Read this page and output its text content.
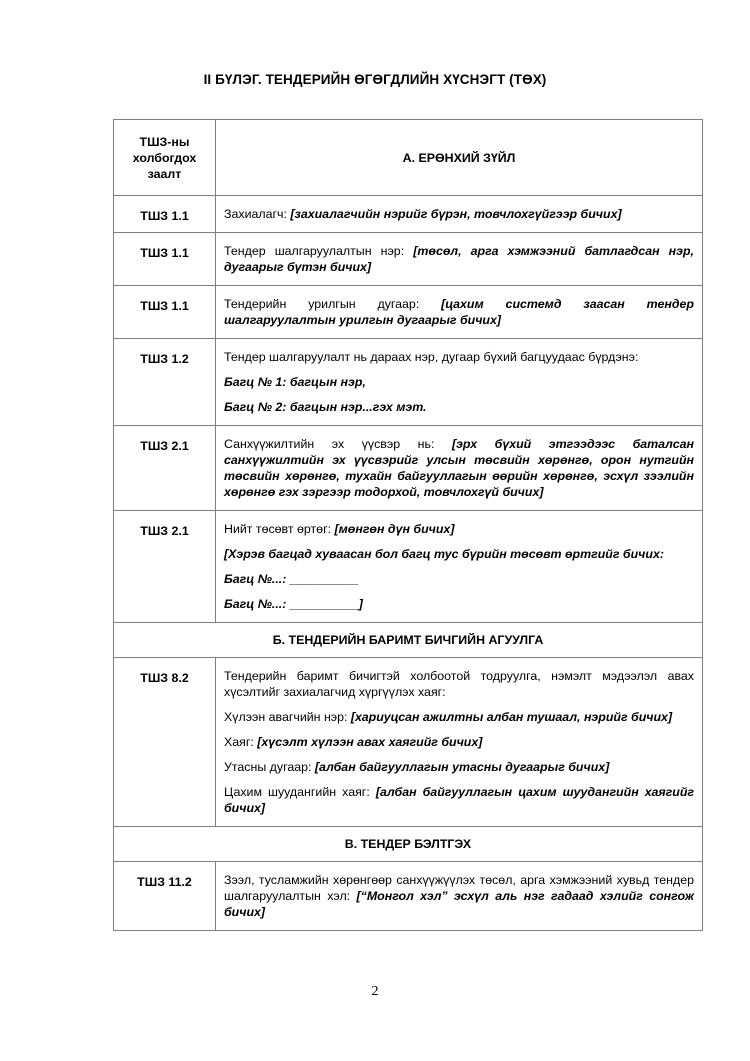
II БҮЛЭГ. ТЕНДЕРИЙН ӨГӨГДЛИЙН ХҮСНЭГТ (ТӨХ)
ТШЗ-ны холбогдох заалт	А. ЕРӨНХИЙ ЗҮЙЛ
ТШЗ 1.1	Захиалагч: [захиалагчийн нэрийг бүрэн, товчлохгүйгээр бичих]
ТШЗ 1.1	Тендер шалгаруулалтын нэр: [төсөл, арга хэмжээний батлагдсан нэр, дугаарыг бүтэн бичих]
ТШЗ 1.1	Тендерийн урилгын дугаар: [цахим системд заасан тендер шалгаруулалтын урилгын дугаарыг бичих]
ТШЗ 1.2	Тендер шалгаруулалт нь дараах нэр, дугаар бүхий багцуудаас бүрдэнэ:

Багц № 1: багцын нэр,

Багц № 2: багцын нэр...гэх мэт.

ТШЗ 2.1	Санхүүжилтийн эх үүсвэр нь: [эрх бүхий этгээдээс баталсан санхүүжилтийн эх үүсвэрийг улсын төсвийн хөрөнгө, орон нутгийн төсвийн хөрөнгө, тухайн байгууллагын өөрийн хөрөнгө, эсхүл зээлийн хөрөнгө гэх зэргээр тодорхой, товчлохгүй бичих]
ТШЗ 2.1	Нийт төсөвт өртөг: [мөнгөн дүн бичих]

[Хэрэв багцад хуваасан бол багц тус бүрийн төсөвт өртгийг бичих:

Багц №...: __________

Багц №...: __________]

Б. ТЕНДЕРИЙН БАРИМТ БИЧГИЙН АГУУЛГА	
ТШЗ 8.2	Тендерийн баримт бичигтэй холбоотой тодруулга, нэмэлт мэдээлэл авах хүсэлтийг захиалагчид хүргүүлэх хаяг:

Хүлээн авагчийн нэр: [хариуцсан ажилтны албан тушаал, нэрийг бичих]

Хаяг: [хүсэлт хүлээн авах хаягийг бичих]

Утасны дугаар: [албан байгууллагын утасны дугаарыг бичих]

Цахим шуудангийн хаяг: [албан байгууллагын цахим шуудангийн хаягийг бичих]

В. ТЕНДЕР БЭЛТГЭХ	
ТШЗ 11.2	Зээл, тусламжийн хөрөнгөөр санхүүжүүлэх төсөл, арга хэмжээний хувьд тендер шалгаруулалтын хэл: [“Монгол хэл” эсхүл аль нэг гадаад хэлийг сонгож бичих]
2
